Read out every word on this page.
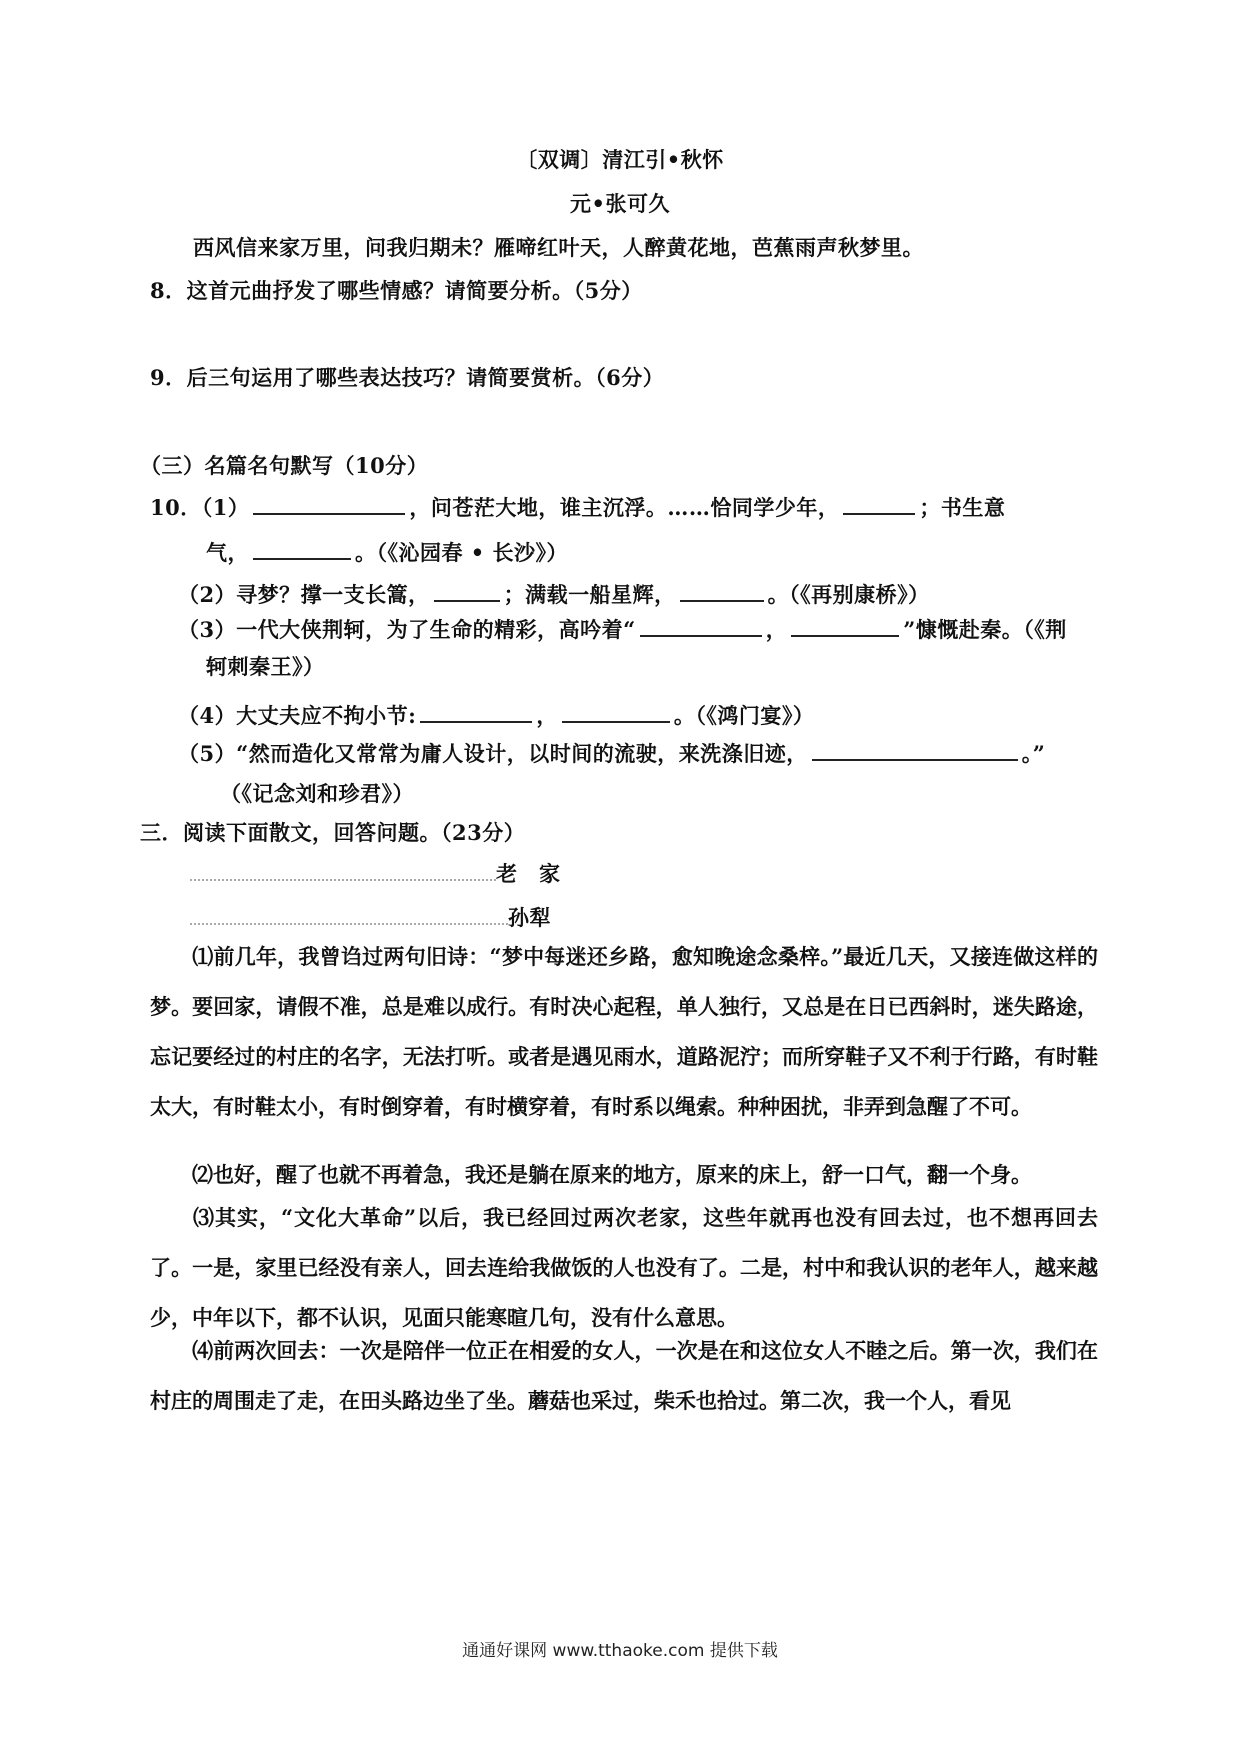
〔双调〕清江引•秋怀
元•张可久
西风信来家万里，问我归期未？雁啼红叶天，人醉黄花地，芭蕉雨声秋梦里。
8．这首元曲抒发了哪些情感？请简要分析。（5分）
9．后三句运用了哪些表达技巧？请简要赏析。（6分）
（三）名篇名句默写（10分）
10．（1）	，问苍茫大地，谁主沉浮。……恰同学少年，	；书生意
气，	。（《沁园春 • 长沙》）
（2）寻梦？撑一支长篙，	；满载一船星辉，	。（《再别康桥》）
（3）一代大侠荆轲，为了生命的精彩，高吟着“	，	”慷慨赴秦。（《荆
轲刺秦王》）
（4）大丈夫应不拘小节:	，	。（《鸿门宴》）
（5）“然而造化又常常为庸人设计，以时间的流驶，来洗涤旧迹，	。”
（《记念刘和珍君》）
三．阅读下面散文，回答问题。（23分）
老　家
孙犁
⑴前几年，我曾诌过两句旧诗：“梦中每迷还乡路，愈知晚途念桑梓。”最近几天，又接连做这样的梦。要回家，请假不准，总是难以成行。有时决心起程，单人独行，又总是在日已西斜时，迷失路途，忘记要经过的村庄的名字，无法打听。或者是遇见雨水，道路泥泞；而所穿鞋子又不利于行路，有时鞋太大，有时鞋太小，有时倒穿着，有时横穿着，有时系以绳索。种种困扰，非弄到急醒了不可。
⑵也好，醒了也就不再着急，我还是躺在原来的地方，原来的床上，舒一口气，翻一个身。
⑶其实，“文化大革命”以后，我已经回过两次老家，这些年就再也没有回去过，也不想再回去了。一是，家里已经没有亲人，回去连给我做饭的人也没有了。二是，村中和我认识的老年人，越来越少，中年以下，都不认识，见面只能寒暄几句，没有什么意思。
⑷前两次回去：一次是陪伴一位正在相爱的女人，一次是在和这位女人不睦之后。第一次，我们在村庄的周围走了走，在田头路边坐了坐。蘑菇也采过，柴禾也拾过。第二次，我一个人，看见
通通好课网 www.tthaoke.com 提供下载
